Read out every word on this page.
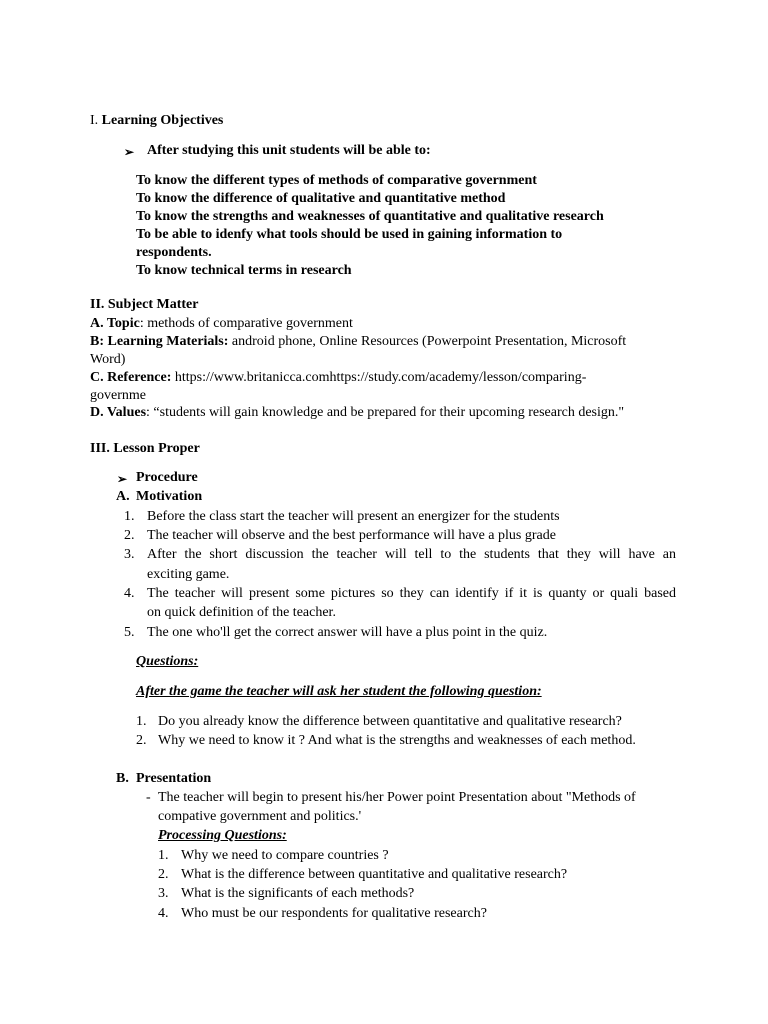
I. Learning Objectives
➢ After studying this unit students will be able to:
To know the different types of methods of comparative government
To know the difference of qualitative and quantitative method
To know the strengths and weaknesses of quantitative and qualitative research
To be able to idenfy what tools should be used in gaining information to
respondents.
To know technical terms in research
II. Subject Matter
A. Topic: methods of comparative government
B: Learning Materials: android phone, Online Resources (Powerpoint Presentation, Microsoft
Word)
C. Reference: https://www.britanicca.comhttps://study.com/academy/lesson/comparing-
governme
D. Values: “students will gain knowledge and be prepared for their upcoming research design."
III. Lesson Proper
➢ Procedure
A. Motivation
1. Before the class start the teacher will present an energizer for the students
2. The teacher will observe and the best performance will have a plus grade
3. After the short discussion the teacher will tell to the students that they will have an
exciting game.
4. The teacher will present some pictures so they can identify if it is quanty or quali based
on quick definition of the teacher.
5. The one who'll get the correct answer will have a plus point in the quiz.
Questions:
After the game the teacher will ask her student the following question:
1. Do you already know the difference between quantitative and qualitative research?
2. Why we need to know it ? And what is the strengths and weaknesses of each method.
B. Presentation
- The teacher will begin to present his/her Power point Presentation about "Methods of
compative government and politics.'
Processing Questions:
1. Why we need to compare countries ?
2. What is the difference between quantitative and qualitative research?
3. What is the significants of each methods?
4. Who must be our respondents for qualitative research?
